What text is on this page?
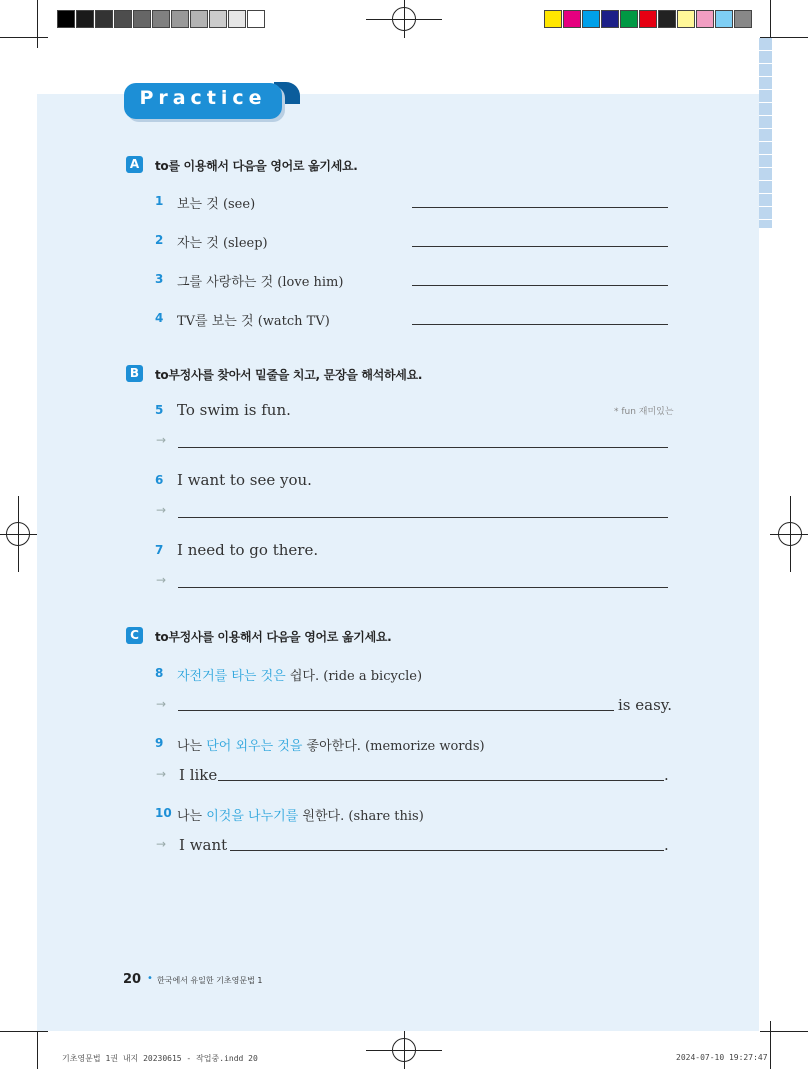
Practice
A	to를 이용해서 다음을 영어로 옮기세요.
1 보는 것 (see)
2 자는 것 (sleep)
3 그를 사랑하는 것 (love him)
4 TV를 보는 것 (watch TV)
B	to부정사를 찾아서 밑줄을 치고, 문장을 해석하세요.
5 To swim is fun.	* fun 재미있는
→
6 I want to see you.
→
7 I need to go there.
→
C	to부정사를 이용해서 다음을 영어로 옮기세요.
8 자전거를 타는 것은 쉽다. (ride a bicycle)
→	is easy.
9 나는 단어 외우는 것을 좋아한다. (memorize words)
→ I like	.
10 나는 이것을 나누기를 원한다. (share this)
→ I want	.
20 • 한국에서 유일한 기초영문법 1
기초영문법 1권 내지 20230615 - 작업중.indd 20	2024-07-10 19:27:47
